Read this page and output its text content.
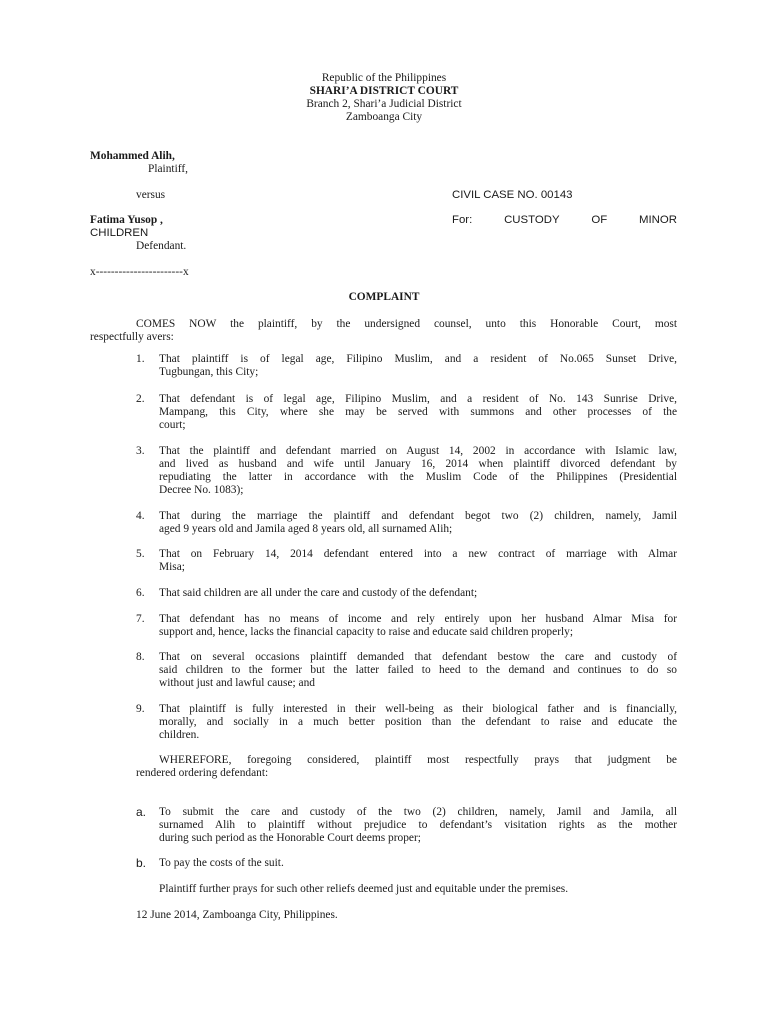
Republic of the Philippines
SHARI’A DISTRICT COURT
Branch 2, Shari’a Judicial District
Zamboanga City
Mohammed Alih,
Plaintiff,
versus	CIVIL CASE NO. 00143
Fatima Yusop ,	For:	CUSTODY	OF	MINOR
CHILDREN
Defendant.
x-----------------------x
COMPLAINT
COMES NOW the plaintiff, by the undersigned counsel, unto this Honorable Court, most
respectfully avers:
1. That plaintiff is of legal age, Filipino Muslim, and a resident of No.065 Sunset Drive,
Tugbungan, this City;
2. That defendant is of legal age, Filipino Muslim, and a resident of No. 143 Sunrise Drive,
Mampang, this City, where she may be served with summons and other processes of the
court;
3. That the plaintiff and defendant married on August 14, 2002 in accordance with Islamic law,
and lived as husband and wife until January 16, 2014 when plaintiff divorced defendant by
repudiating the latter in accordance with the Muslim Code of the Philippines (Presidential
Decree No. 1083);
4. That during the marriage the plaintiff and defendant begot two (2) children, namely, Jamil
aged 9 years old and Jamila aged 8 years old, all surnamed Alih;
5. That on February 14, 2014 defendant entered into a new contract of marriage with Almar
Misa;
6. That said children are all under the care and custody of the defendant;
7. That defendant has no means of income and rely entirely upon her husband Almar Misa for
support and, hence, lacks the financial capacity to raise and educate said children properly;
8. That on several occasions plaintiff demanded that defendant bestow the care and custody of
said children to the former but the latter failed to heed to the demand and continues to do so
without just and lawful cause; and
9. That plaintiff is fully interested in their well-being as their biological father and is financially,
morally, and socially in a much better position than the defendant to raise and educate the
children.
WHEREFORE, foregoing considered, plaintiff most respectfully prays that judgment be
rendered ordering defendant:
a. To submit the care and custody of the two (2) children, namely, Jamil and Jamila, all
surnamed Alih to plaintiff without prejudice to defendant’s visitation rights as the mother
during such period as the Honorable Court deems proper;
b. To pay the costs of the suit.
Plaintiff further prays for such other reliefs deemed just and equitable under the premises.
12 June 2014, Zamboanga City, Philippines.
